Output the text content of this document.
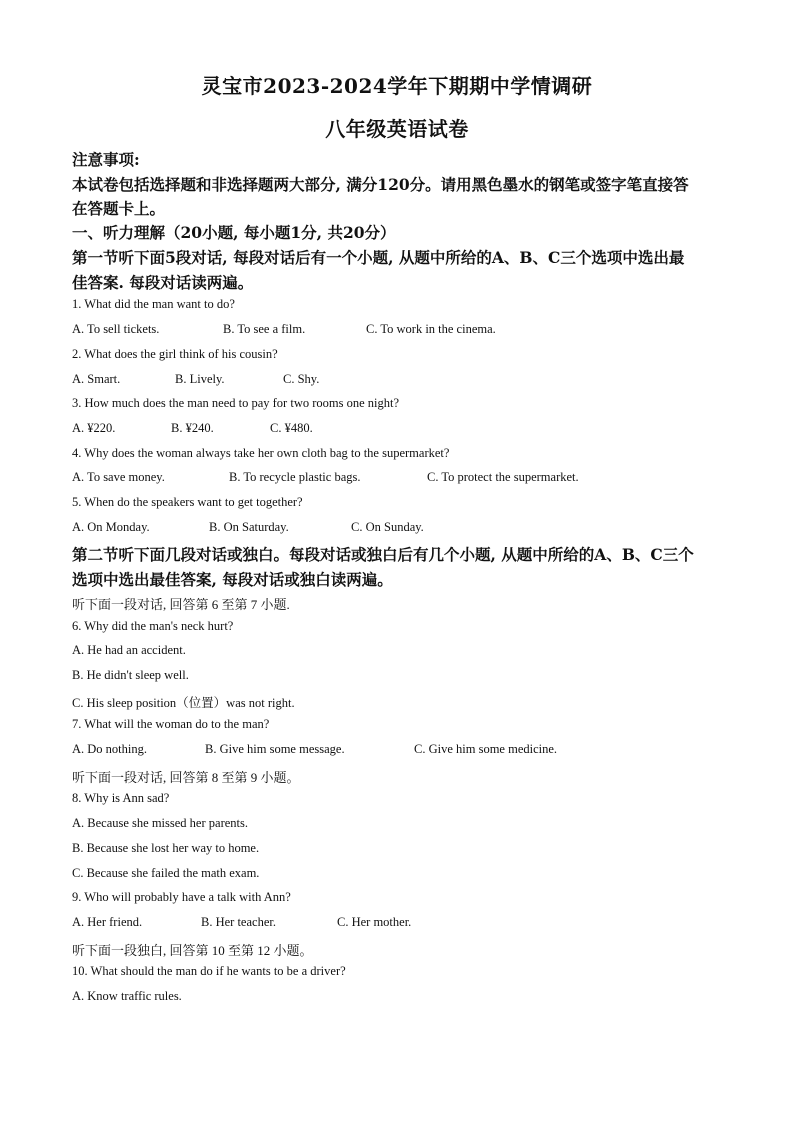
灵宝市2023-2024学年下期期中学情调研
八年级英语试卷
注意事项:
本试卷包括选择题和非选择题两大部分, 满分120分。请用黑色墨水的钢笔或签字笔直接答
在答题卡上。
一、听力理解（20小题, 每小题1分, 共20分）
第一节听下面5段对话, 每段对话后有一个小题, 从题中所给的A、B、C三个选项中选出最
佳答案. 每段对话读两遍。
1. What did the man want to do?
A. To sell tickets.	B. To see a film.	C. To work in the cinema.
2. What does the girl think of his cousin?
A. Smart.	B. Lively.	C. Shy.
3. How much does the man need to pay for two rooms one night?
A. ¥220.	B. ¥240.	C. ¥480.
4. Why does the woman always take her own cloth bag to the supermarket?
A. To save money.	B. To recycle plastic bags.	C. To protect the supermarket.
5. When do the speakers want to get together?
A. On Monday.	B. On Saturday.	C. On Sunday.
第二节听下面几段对话或独白。每段对话或独白后有几个小题, 从题中所给的A、B、C三个
选项中选出最佳答案, 每段对话或独白读两遍。
听下面一段对话, 回答第 6 至第 7 小题.
6. Why did the man's neck hurt?
A. He had an accident.
B. He didn't sleep well.
C. His sleep position（位置）was not right.
7. What will the woman do to the man?
A. Do nothing.	B. Give him some message.	C. Give him some medicine.
听下面一段对话, 回答第 8 至第 9 小题。
8. Why is Ann sad?
A. Because she missed her parents.
B. Because she lost her way to home.
C. Because she failed the math exam.
9. Who will probably have a talk with Ann?
A. Her friend.	B. Her teacher.	C. Her mother.
听下面一段独白, 回答第 10 至第 12 小题。
10. What should the man do if he wants to be a driver?
A. Know traffic rules.
